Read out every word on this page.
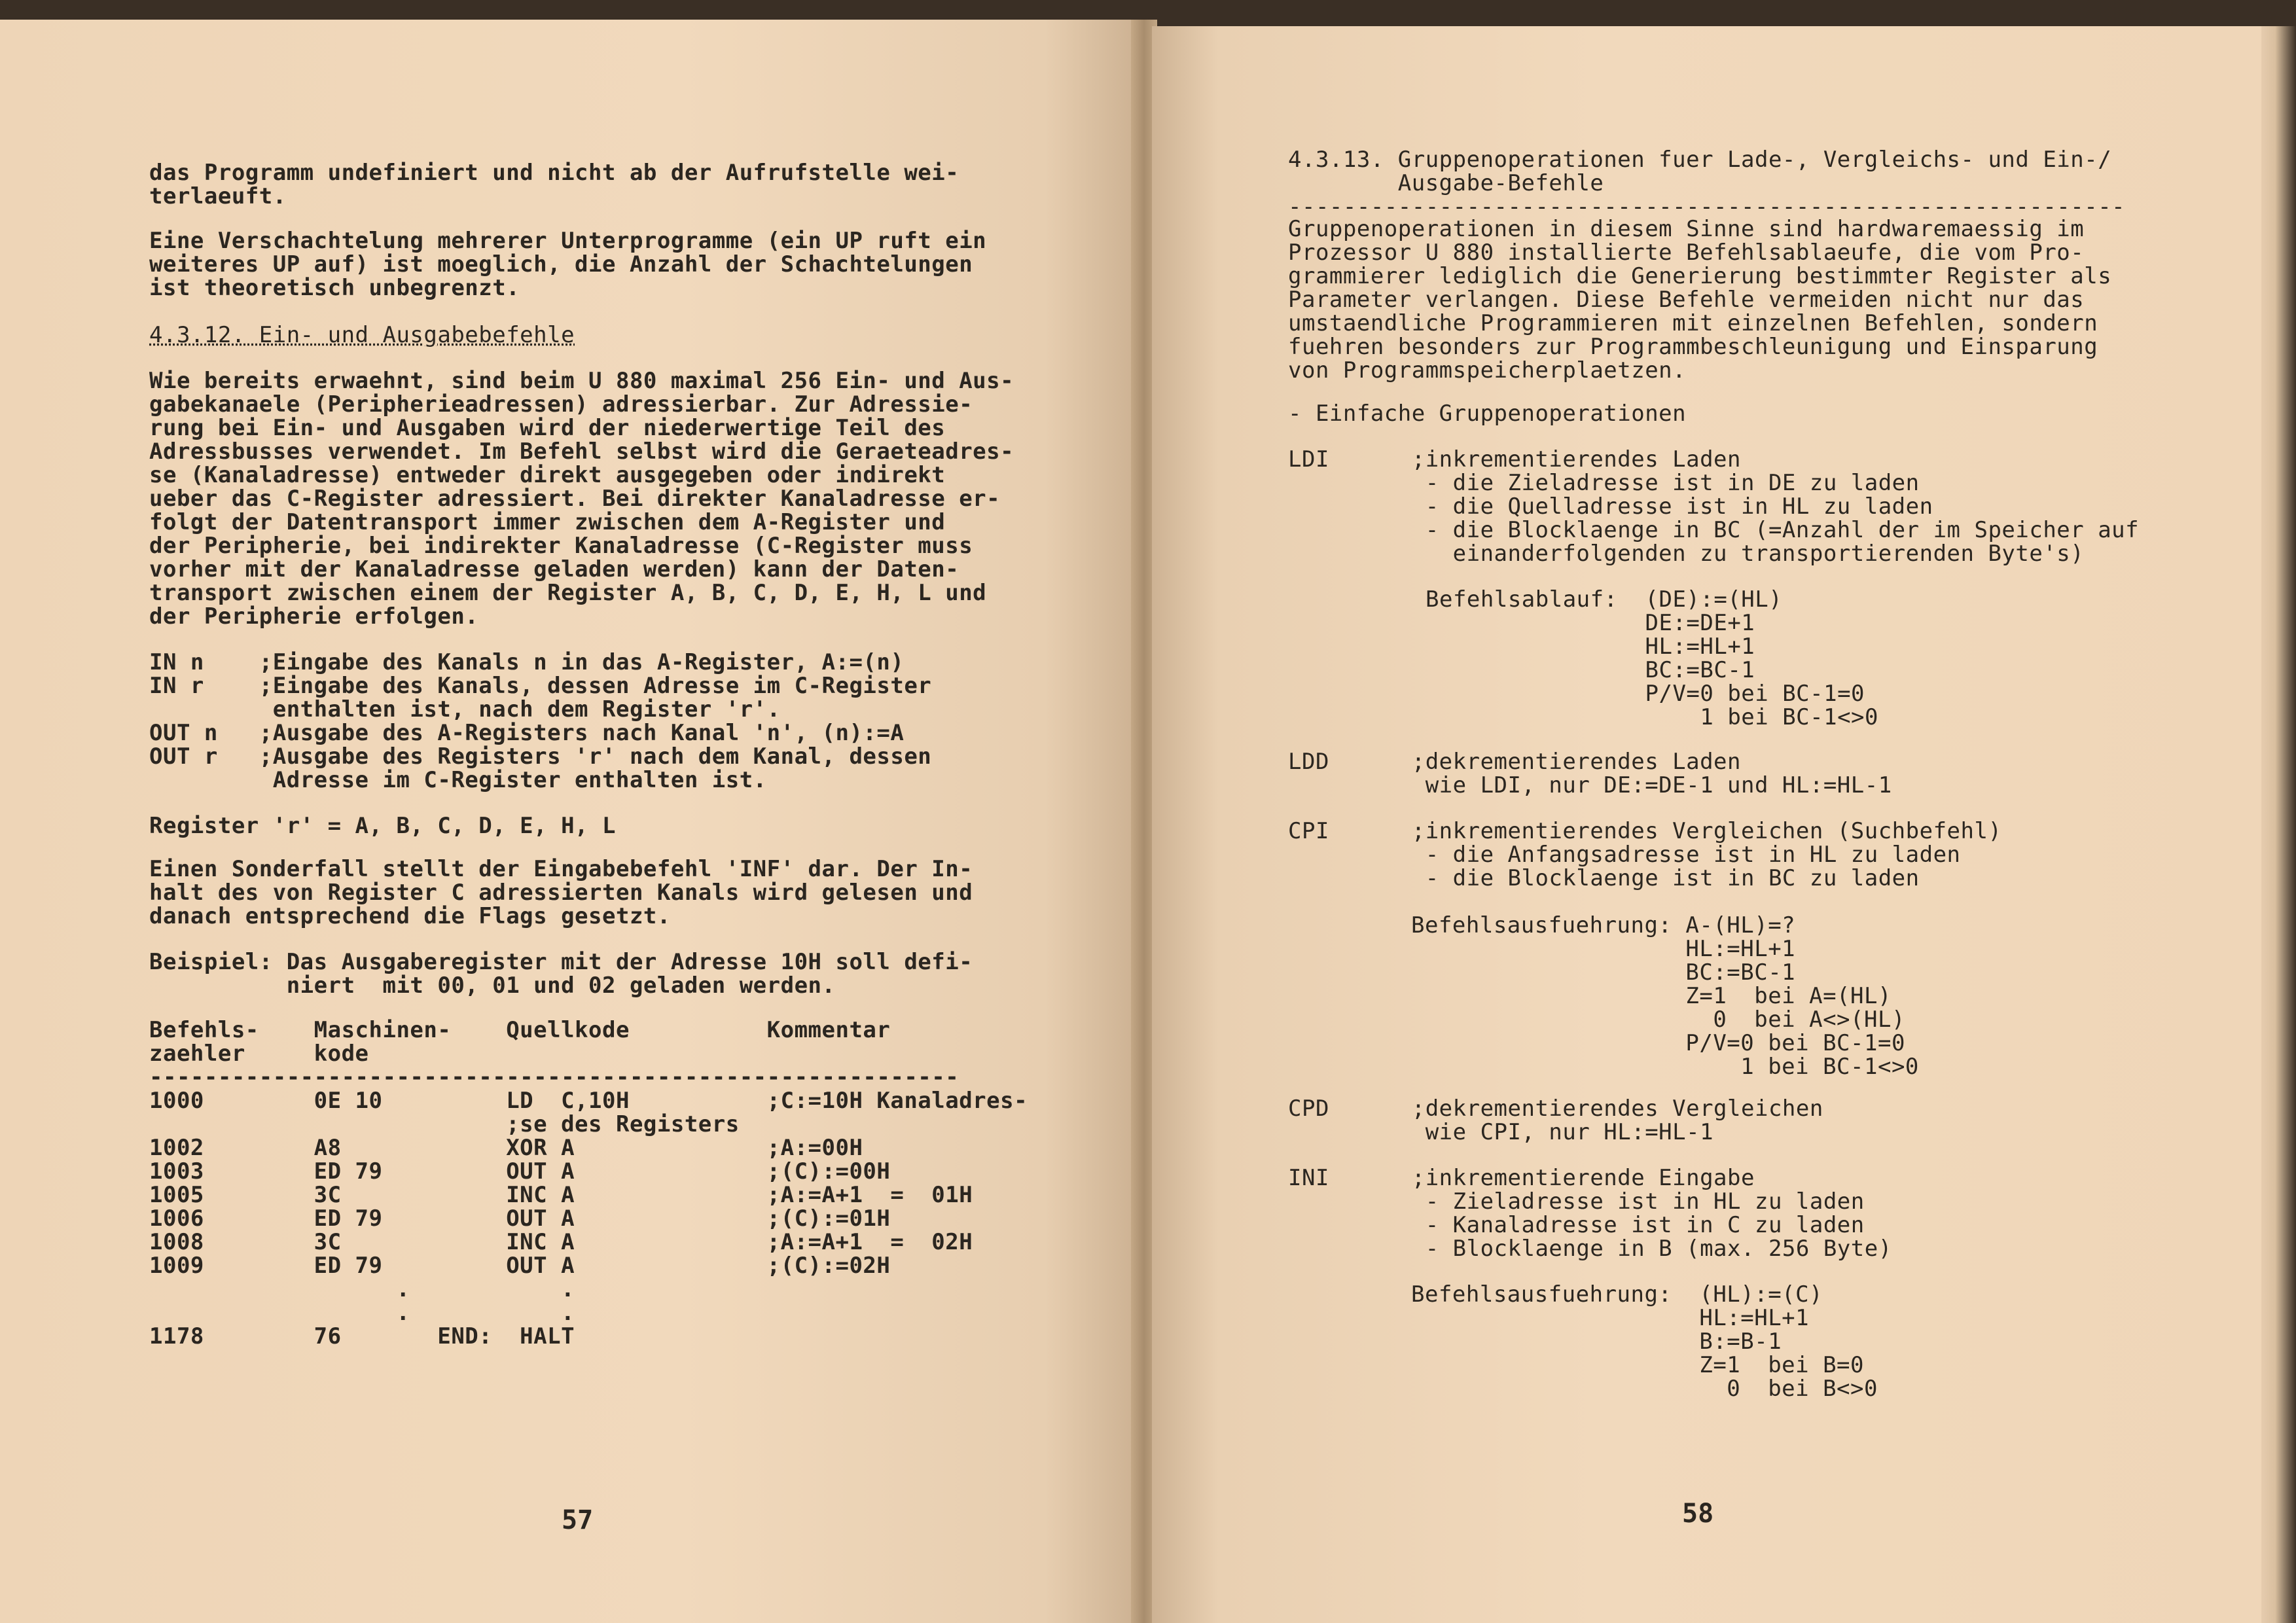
das Programm undefiniert und nicht ab der Aufrufstelle wei-
terlaeuft.
Eine Verschachtelung mehrerer Unterprogramme (ein UP ruft ein
weiteres UP auf) ist moeglich, die Anzahl der Schachtelungen
ist theoretisch unbegrenzt.
4.3.12. Ein- und Ausgabebefehle
Wie bereits erwaehnt, sind beim U 880 maximal 256 Ein- und Aus-
gabekanaele (Peripherieadressen) adressierbar. Zur Adressie-
rung bei Ein- und Ausgaben wird der niederwertige Teil des
Adressbusses verwendet. Im Befehl selbst wird die Geraeteadres-
se (Kanaladresse) entweder direkt ausgegeben oder indirekt
ueber das C-Register adressiert. Bei direkter Kanaladresse er-
folgt der Datentransport immer zwischen dem A-Register und
der Peripherie, bei indirekter Kanaladresse (C-Register muss
vorher mit der Kanaladresse geladen werden) kann der Daten-
transport zwischen einem der Register A, B, C, D, E, H, L und
der Peripherie erfolgen.
IN n    ;Eingabe des Kanals n in das A-Register, A:=(n)
IN r    ;Eingabe des Kanals, dessen Adresse im C-Register
enthalten ist, nach dem Register 'r'.
OUT n   ;Ausgabe des A-Registers nach Kanal 'n', (n):=A
OUT r   ;Ausgabe des Registers 'r' nach dem Kanal, dessen
Adresse im C-Register enthalten ist.
Register 'r' = A, B, C, D, E, H, L
Einen Sonderfall stellt der Eingabebefehl 'INF' dar. Der In-
halt des von Register C adressierten Kanals wird gelesen und
danach entsprechend die Flags gesetzt.
Beispiel: Das Ausgaberegister mit der Adresse 10H soll defi-
niert  mit 00, 01 und 02 geladen werden.
Befehls-    Maschinen-    Quellkode          Kommentar
zaehler     kode
-----------------------------------------------------------
1000        0E 10         LD  C,10H          ;C:=10H Kanaladres-
;se des Registers
1002        A8            XOR A              ;A:=00H
1003        ED 79         OUT A              ;(C):=00H
1005        3C            INC A              ;A:=A+1  =  01H
1006        ED 79         OUT A              ;(C):=01H
1008        3C            INC A              ;A:=A+1  =  02H
1009        ED 79         OUT A              ;(C):=02H
.           .
.           .
1178        76       END:  HALT
57
4.3.13. Gruppenoperationen fuer Lade-, Vergleichs- und Ein-/
Ausgabe-Befehle
-------------------------------------------------------------
Gruppenoperationen in diesem Sinne sind hardwaremaessig im
Prozessor U 880 installierte Befehlsablaeufe, die vom Pro-
grammierer lediglich die Generierung bestimmter Register als
Parameter verlangen. Diese Befehle vermeiden nicht nur das
umstaendliche Programmieren mit einzelnen Befehlen, sondern
fuehren besonders zur Programmbeschleunigung und Einsparung
von Programmspeicherplaetzen.
- Einfache Gruppenoperationen
LDI      ;inkrementierendes Laden
- die Zieladresse ist in DE zu laden
- die Quelladresse ist in HL zu laden
- die Blocklaenge in BC (=Anzahl der im Speicher auf
einanderfolgenden zu transportierenden Byte's)
Befehlsablauf:  (DE):=(HL)
DE:=DE+1
HL:=HL+1
BC:=BC-1
P/V=0 bei BC-1=0
1 bei BC-1<>0
LDD      ;dekrementierendes Laden
wie LDI, nur DE:=DE-1 und HL:=HL-1
CPI      ;inkrementierendes Vergleichen (Suchbefehl)
- die Anfangsadresse ist in HL zu laden
- die Blocklaenge ist in BC zu laden
Befehlsausfuehrung: A-(HL)=?
HL:=HL+1
BC:=BC-1
Z=1  bei A=(HL)
0  bei A<>(HL)
P/V=0 bei BC-1=0
1 bei BC-1<>0
CPD      ;dekrementierendes Vergleichen
wie CPI, nur HL:=HL-1
INI      ;inkrementierende Eingabe
- Zieladresse ist in HL zu laden
- Kanaladresse ist in C zu laden
- Blocklaenge in B (max. 256 Byte)
Befehlsausfuehrung:  (HL):=(C)
HL:=HL+1
B:=B-1
Z=1  bei B=0
0  bei B<>0
58
